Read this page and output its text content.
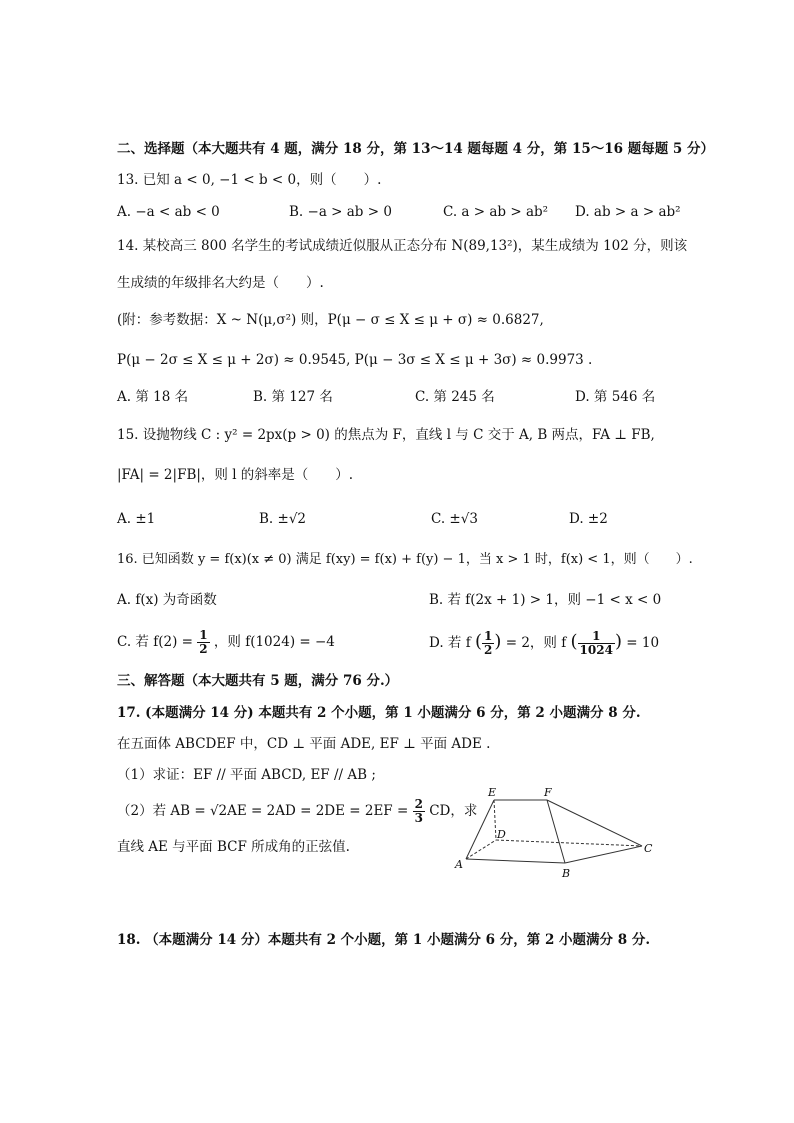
二、选择题（本大题共有 4 题，满分 18 分，第 13～14 题每题 4 分，第 15～16 题每题 5 分）
13. 已知 a < 0, −1 < b < 0，则（　　）.
A. −a < ab < 0	B. −a > ab > 0	C. a > ab > ab² D. ab > a > ab²
14. 某校高三 800 名学生的考试成绩近似服从正态分布 N(89,13²)，某生成绩为 102 分，则该
生成绩的年级排名大约是（　　）.
(附：参考数据：X ~ N(μ,σ²) 则，P(μ − σ ≤ X ≤ μ + σ) ≈ 0.6827,
P(μ − 2σ ≤ X ≤ μ + 2σ) ≈ 0.9545, P(μ − 3σ ≤ X ≤ μ + 3σ) ≈ 0.9973 .
A. 第 18 名	B. 第 127 名	C. 第 245 名	D. 第 546 名
15. 设抛物线 C : y² = 2px(p > 0) 的焦点为 F，直线 l 与 C 交于 A, B 两点，FA ⊥ FB,
|FA| = 2|FB|，则 l 的斜率是（　　）.
A. ±1	B. ±√2	C. ±√3	D. ±2
16. 已知函数 y = f(x)(x ≠ 0) 满足 f(xy) = f(x) + f(y) − 1，当 x > 1 时，f(x) < 1，则（　　）.
A. f(x) 为奇函数	B. 若 f(2x + 1) > 1，则 −1 < x < 0
C. 若 $f(2) = \frac{1}{2}$ ，则 f(1024) = −4	D. 若 f ( $\frac{1}{2}$ ) = 2，则 f ( $\frac{1}{1024}$ ) = 10
三、解答题（本大题共有 5 题，满分 76 分.）
17. (本题满分 14 分) 本题共有 2 个小题，第 1 小题满分 6 分，第 2 小题满分 8 分.
在五面体 ABCDEF 中，CD ⊥ 平面 ADE, EF ⊥ 平面 ADE .
（1）求证：EF // 平面 ABCD, EF // AB ;
（2）若 AB = $√2AE = 2AD = 2DE = 2EF = \frac{2}{3}$ CD，求
直线 AE 与平面 BCF 所成角的正弦值.
E	F
D
A
B
C
18. （本题满分 14 分）本题共有 2 个小题，第 1 小题满分 6 分，第 2 小题满分 8 分.
